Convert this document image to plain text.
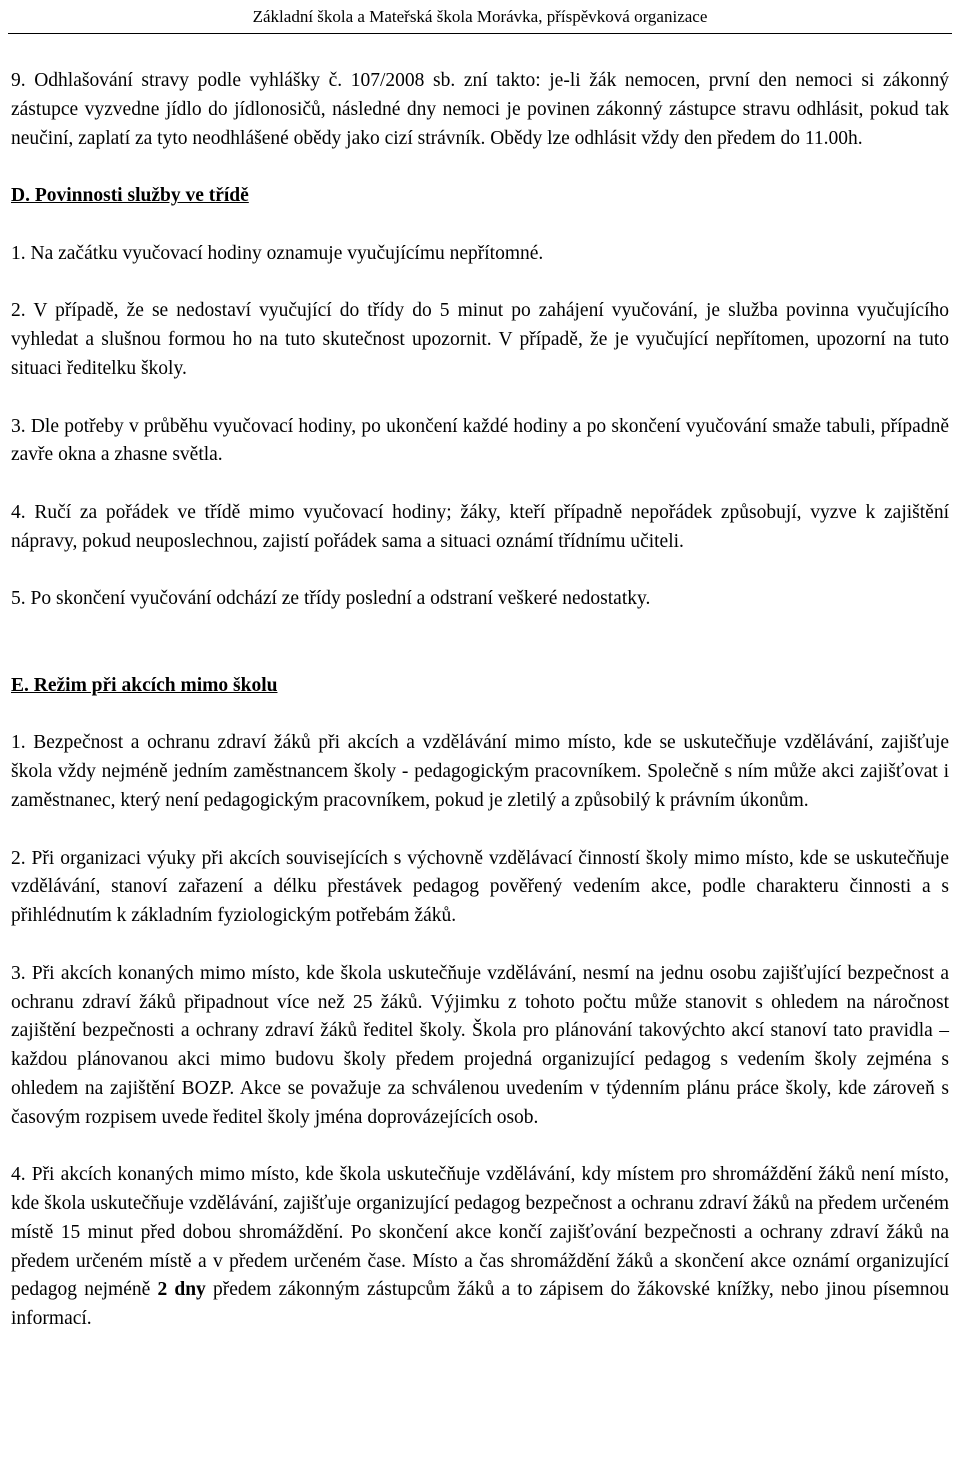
Základní škola a Mateřská škola Morávka, příspěvková organizace

9. Odhlašování stravy podle vyhlášky č. 107/2008 sb. zní takto: je-li žák nemocen, první den nemoci si zákonný zástupce vyzvedne jídlo do jídlonosičů, následné dny nemoci je povinen zákonný zástupce stravu odhlásit, pokud tak neučiní, zaplatí za tyto neodhlášené obědy jako cizí strávník. Obědy lze odhlásit vždy den předem do 11.00h.

D. Povinnosti služby ve třídě

1. Na začátku vyučovací hodiny oznamuje vyučujícímu nepřítomné.

2. V případě, že se nedostaví vyučující do třídy do 5 minut po zahájení vyučování, je služba povinna vyučujícího vyhledat a slušnou formou ho na tuto skutečnost upozornit. V případě, že je vyučující nepřítomen, upozorní na tuto situaci ředitelku školy.

3. Dle potřeby v průběhu vyučovací hodiny, po ukončení každé hodiny a po skončení vyučování smaže tabuli, případně zavře okna a zhasne světla.

4. Ručí za pořádek ve třídě mimo vyučovací hodiny; žáky, kteří případně nepořádek způsobují, vyzve k zajištění nápravy, pokud neuposlechnou, zajistí pořádek sama a situaci oznámí třídnímu učiteli.

5. Po skončení vyučování odchází ze třídy poslední a odstraní veškeré nedostatky.

E. Režim při akcích mimo školu

1. Bezpečnost a ochranu zdraví žáků při akcích a vzdělávání mimo místo, kde se uskutečňuje vzdělávání, zajišťuje škola vždy nejméně jedním zaměstnancem školy - pedagogickým pracovníkem. Společně s ním může akci zajišťovat i zaměstnanec, který není pedagogickým pracovníkem, pokud je zletilý a způsobilý k právním úkonům.

2. Při organizaci výuky při akcích souvisejících s výchovně vzdělávací činností školy mimo místo, kde se uskutečňuje vzdělávání, stanoví zařazení a délku přestávek pedagog pověřený vedením akce, podle charakteru činnosti a s přihlédnutím k základním fyziologickým potřebám žáků.

3. Při akcích konaných mimo místo, kde škola uskutečňuje vzdělávání, nesmí na jednu osobu zajišťující bezpečnost a ochranu zdraví žáků připadnout více než 25 žáků. Výjimku z tohoto počtu může stanovit s ohledem na náročnost zajištění bezpečnosti a ochrany zdraví žáků ředitel školy. Škola pro plánování takovýchto akcí stanoví tato pravidla – každou plánovanou akci mimo budovu školy předem projedná organizující pedagog s vedením školy zejména s ohledem na zajištění BOZP. Akce se považuje za schválenou uvedením v týdenním plánu práce školy, kde zároveň s časovým rozpisem uvede ředitel školy jména doprovázejících osob.

4. Při akcích konaných mimo místo, kde škola uskutečňuje vzdělávání, kdy místem pro shromáždění žáků není místo, kde škola uskutečňuje vzdělávání, zajišťuje organizující pedagog bezpečnost a ochranu zdraví žáků na předem určeném místě 15 minut před dobou shromáždění. Po skončení akce končí zajišťování bezpečnosti a ochrany zdraví žáků na předem určeném místě a v předem určeném čase. Místo a čas shromáždění žáků a skončení akce oznámí organizující pedagog nejméně 2 dny předem zákonným zástupcům žáků a to zápisem do žákovské knížky, nebo jinou písemnou informací.
